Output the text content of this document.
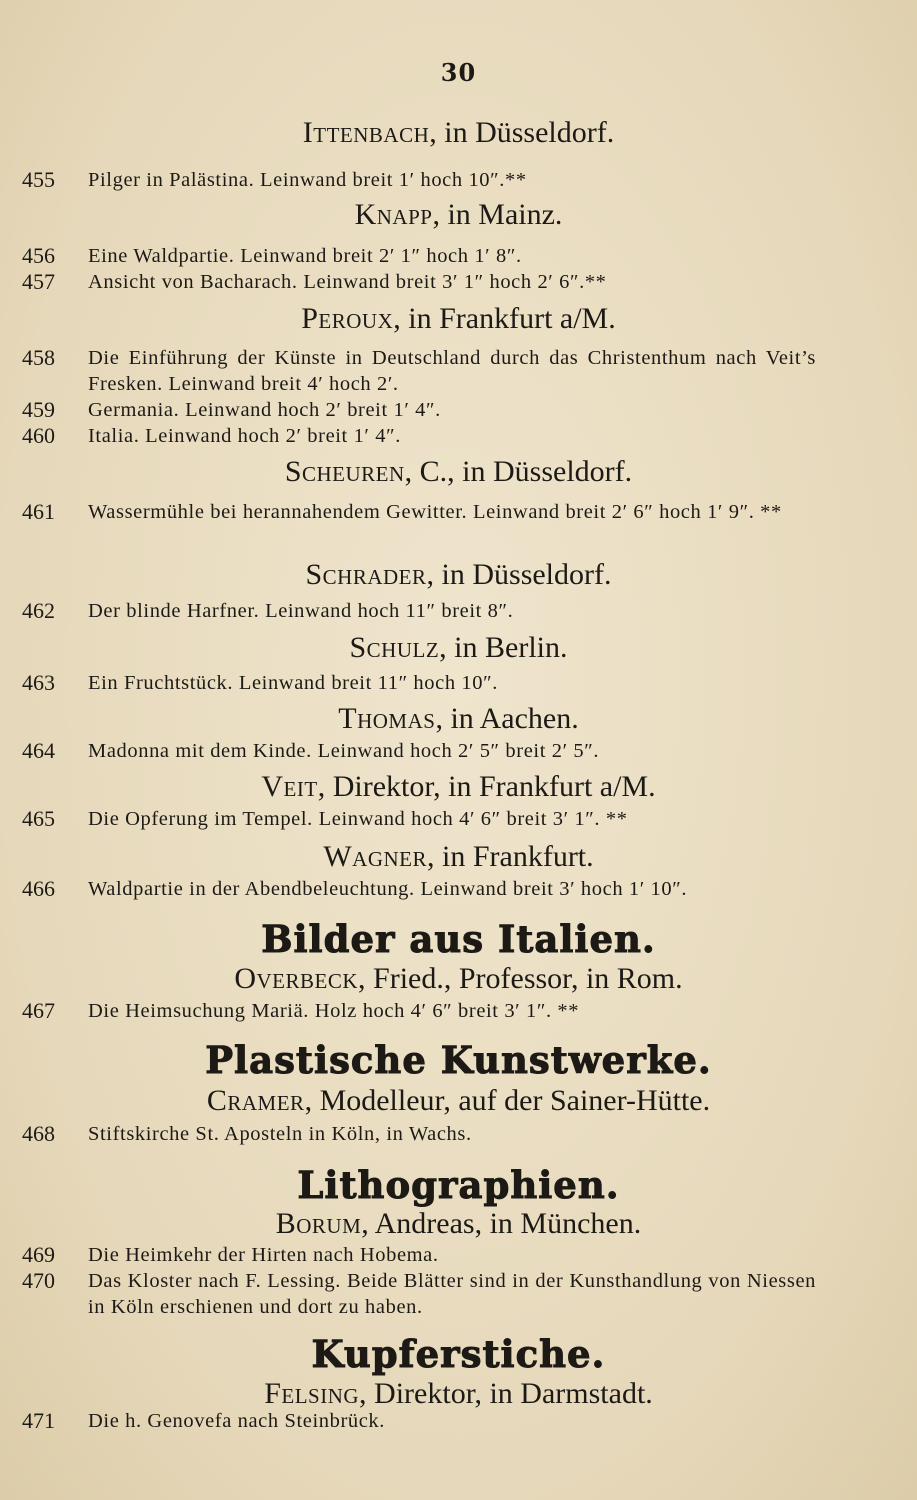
30
Ittenbach, in Düsseldorf.
455	Pilger in Palästina. Leinwand breit 1′ hoch 10″.**
Knapp, in Mainz.
456	Eine Waldpartie. Leinwand breit 2′ 1″ hoch 1′ 8″.
457	Ansicht von Bacharach. Leinwand breit 3′ 1″ hoch 2′ 6″.**
Peroux, in Frankfurt a/M.
458	Die Einführung der Künste in Deutschland durch das Christenthum nach Veit’s Fresken. Leinwand breit 4′ hoch 2′.
459	Germania. Leinwand hoch 2′ breit 1′ 4″.
460	Italia. Leinwand hoch 2′ breit 1′ 4″.
Scheuren, C., in Düsseldorf.
461	Wassermühle bei herannahendem Gewitter. Leinwand breit 2′ 6″ hoch 1′ 9″. **
Schrader, in Düsseldorf.
462	Der blinde Harfner. Leinwand hoch 11″ breit 8″.
Schulz, in Berlin.
463	Ein Fruchtstück. Leinwand breit 11″ hoch 10″.
Thomas, in Aachen.
464	Madonna mit dem Kinde. Leinwand hoch 2′ 5″ breit 2′ 5″.
Veit, Direktor, in Frankfurt a/M.
465	Die Opferung im Tempel. Leinwand hoch 4′ 6″ breit 3′ 1″. **
Wagner, in Frankfurt.
466	Waldpartie in der Abendbeleuchtung. Leinwand breit 3′ hoch 1′ 10″.
Bilder aus Italien.
Overbeck, Fried., Professor, in Rom.
467	Die Heimsuchung Mariä. Holz hoch 4′ 6″ breit 3′ 1″. **
Plastische Kunstwerke.
Cramer, Modelleur, auf der Sainer-Hütte.
468	Stiftskirche St. Aposteln in Köln, in Wachs.
Lithographien.
Borum, Andreas, in München.
469	Die Heimkehr der Hirten nach Hobema.
470	Das Kloster nach F. Lessing. Beide Blätter sind in der Kunsthandlung von Niessen in Köln erschienen und dort zu haben.
Kupferstiche.
Felsing, Direktor, in Darmstadt.
471	Die h. Genovefa nach Steinbrück.
